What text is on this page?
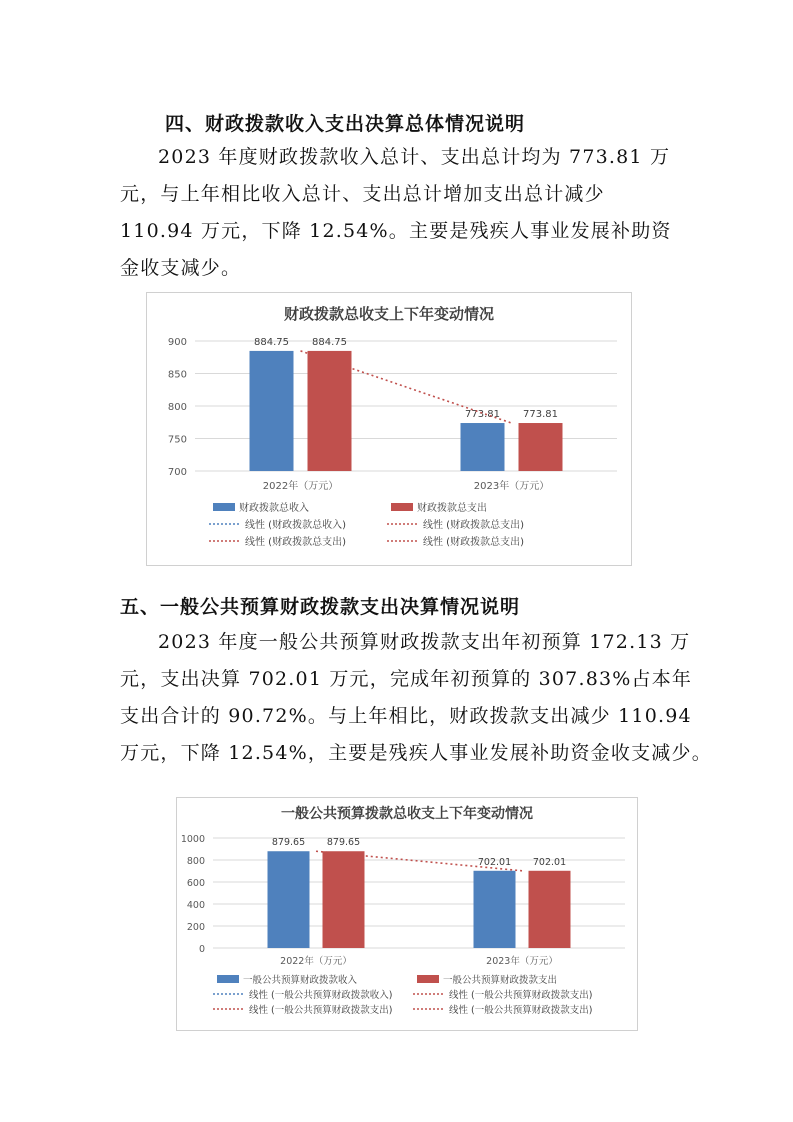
四、财政拨款收入支出决算总体情况说明
2023 年度财政拨款收入总计、支出总计均为 773.81 万
元，与上年相比收入总计、支出总计增加支出总计减少
110.94 万元，下降 12.54%。主要是残疾人事业发展补助资
金收支减少。
财政拨款总收支上下年变动情况
700
750
800
850
900	884.75 884.75
2022年（万元）
773.81 773.81
2023年（万元）
财政拨款总收入	财政拨款总支出
线性 (财政拨款总收入)	线性 (财政拨款总支出)
线性 (财政拨款总支出)	线性 (财政拨款总支出)
五、一般公共预算财政拨款支出决算情况说明
2023 年度一般公共预算财政拨款支出年初预算 172.13 万
元，支出决算 702.01 万元，完成年初预算的 307.83%占本年
支出合计的 90.72%。与上年相比，财政拨款支出减少 110.94
万元，下降 12.54%，主要是残疾人事业发展补助资金收支减少。
一般公共预算拨款总收支上下年变动情况
0
200
400
600
800
1000	879.65 879.65
2022年（万元）
702.01 702.01
2023年（万元）
一般公共预算财政拨款收入	一般公共预算财政拨款支出
线性 (一般公共预算财政拨款收入)	线性 (一般公共预算财政拨款支出)
线性 (一般公共预算财政拨款支出)	线性 (一般公共预算财政拨款支出)
